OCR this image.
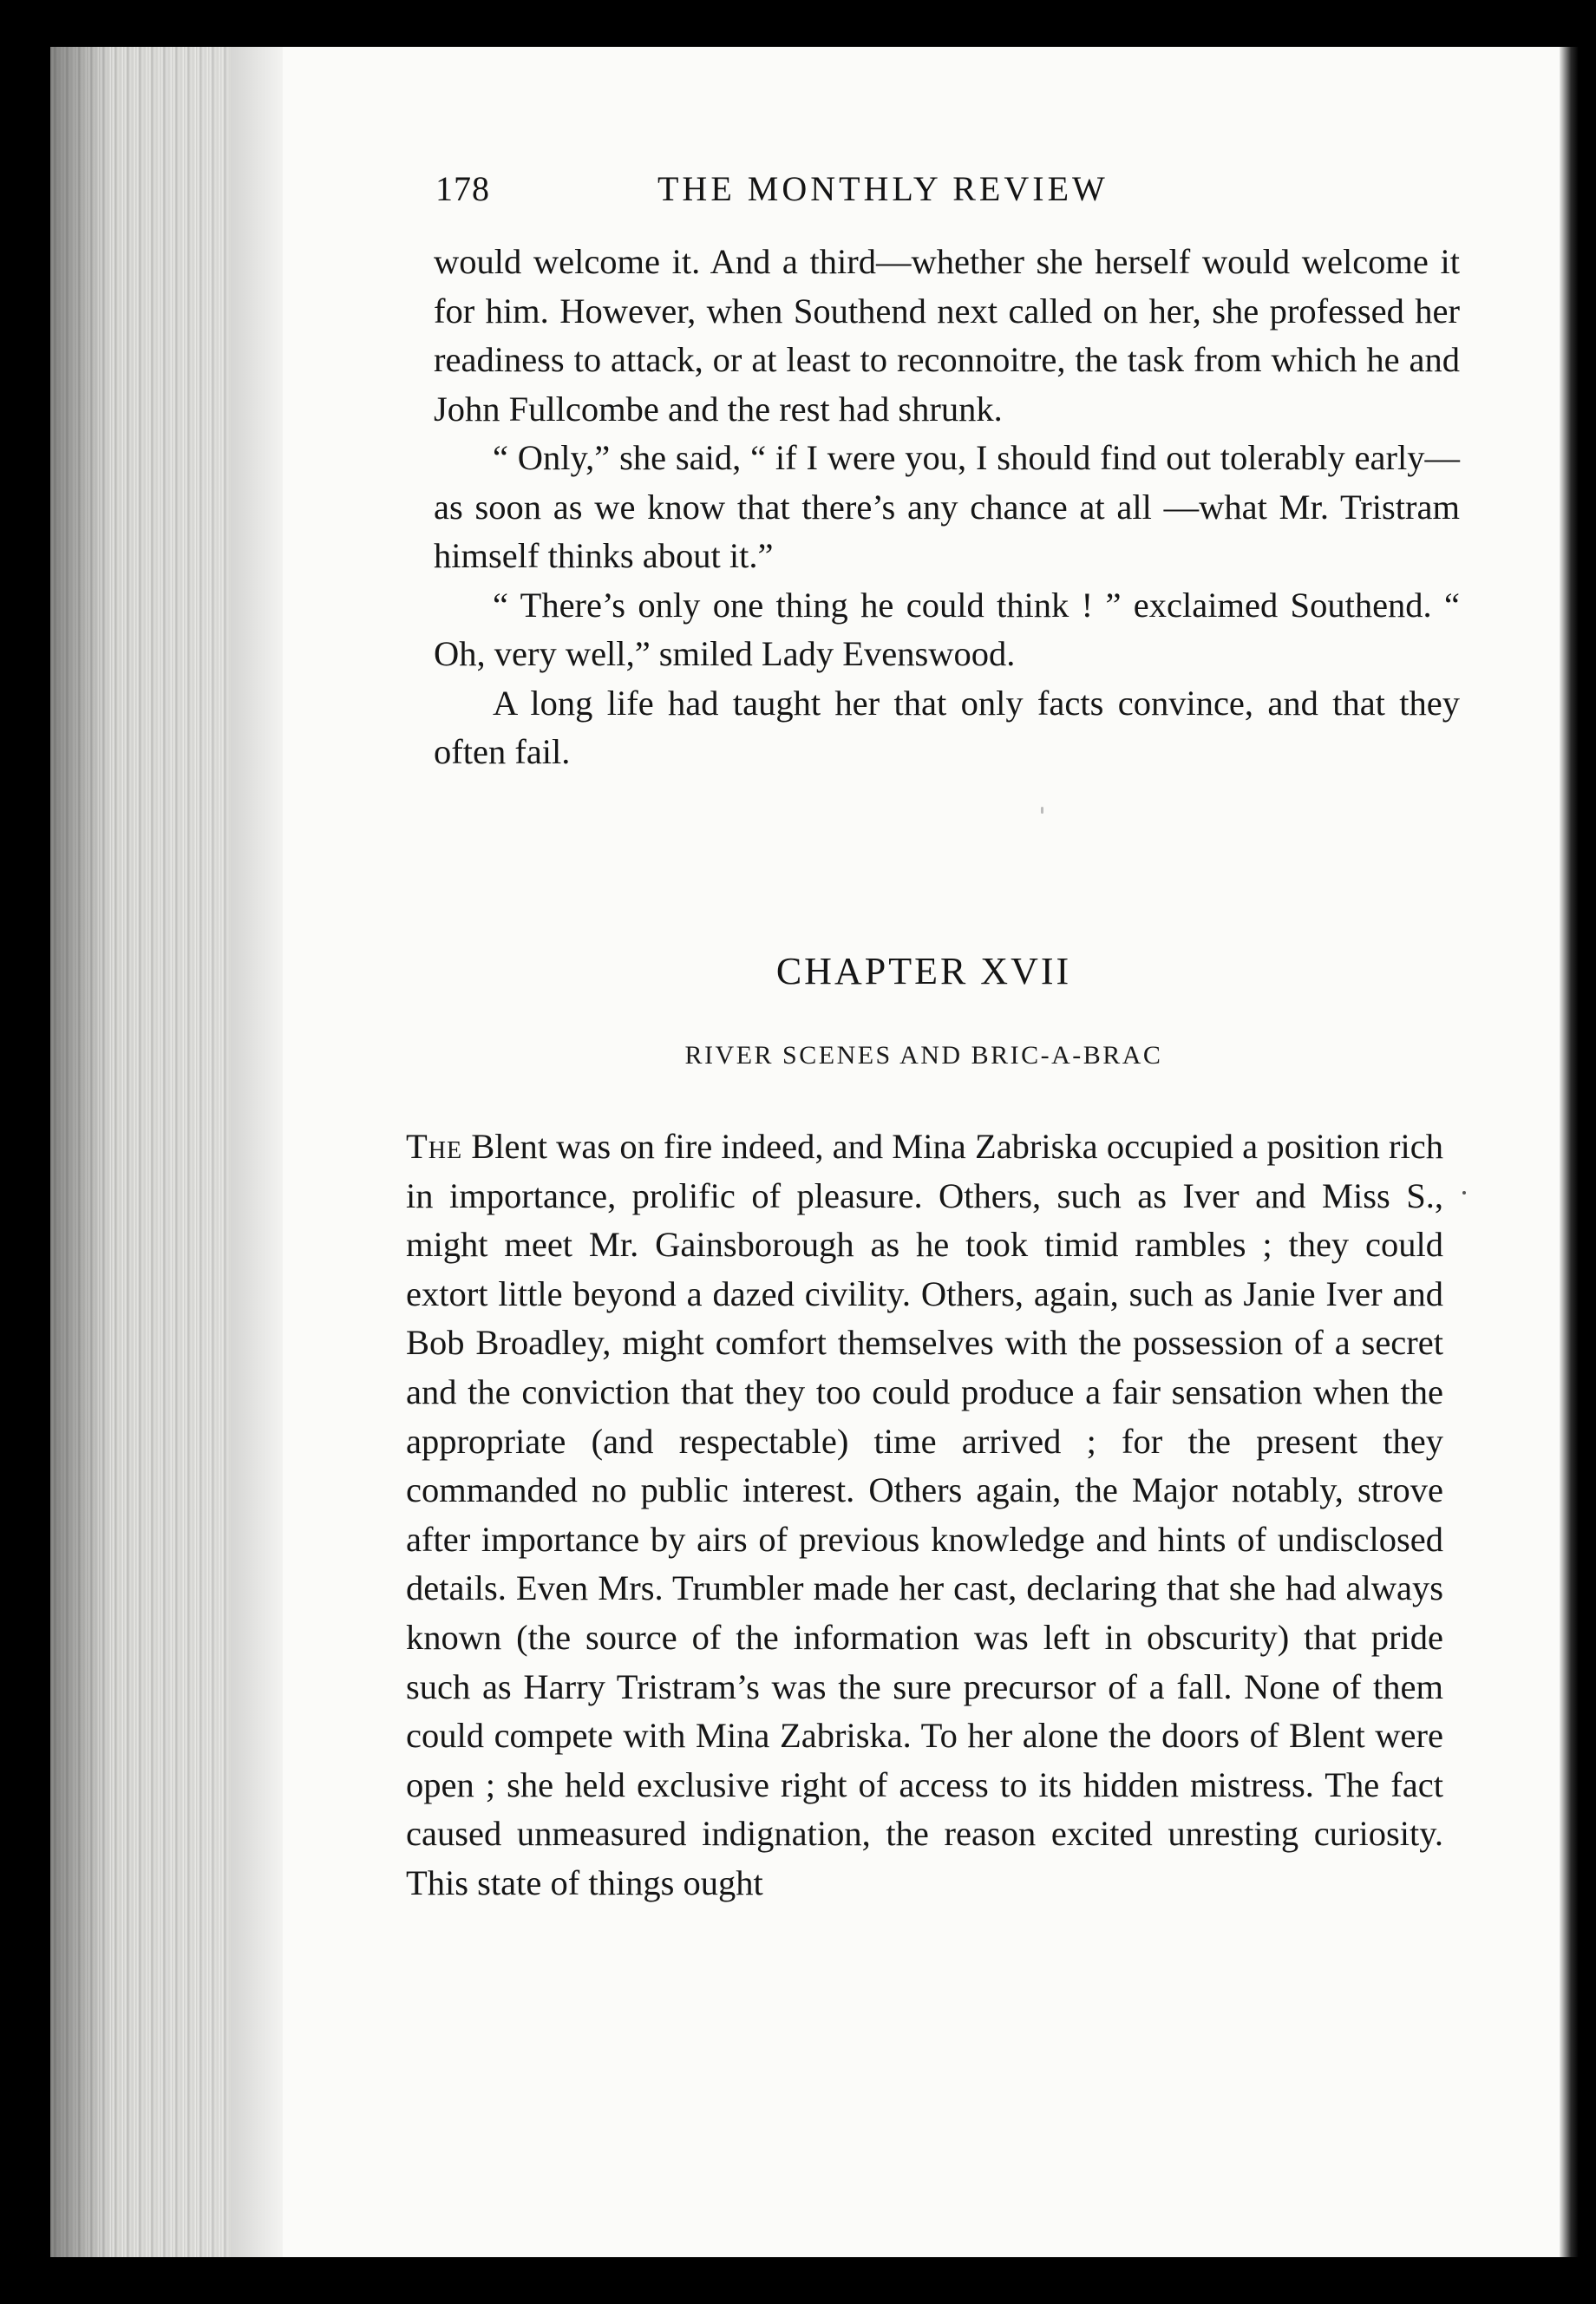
178	THE MONTHLY REVIEW

would welcome it. And a third—whether she herself would welcome it for him. However, when Southend next called on her, she professed her readiness to attack, or at least to reconnoitre, the task from which he and John Fullcombe and the rest had shrunk.

“ Only,” she said, “ if I were you, I should find out tolerably early—as soon as we know that there’s any chance at all —what Mr. Tristram himself thinks about it.”

“ There’s only one thing he could think ! ” exclaimed Southend. “ Oh, very well,” smiled Lady Evenswood.

A long life had taught her that only facts convince, and that they often fail.

CHAPTER XVII
RIVER SCENES AND BRIC-A-BRAC

The Blent was on fire indeed, and Mina Zabriska occupied a position rich in importance, prolific of pleasure. Others, such as Iver and Miss S., might meet Mr. Gainsborough as he took timid rambles ; they could extort little beyond a dazed civility. Others, again, such as Janie Iver and Bob Broadley, might comfort themselves with the possession of a secret and the conviction that they too could produce a fair sensation when the appropriate (and respectable) time arrived ; for the present they commanded no public interest. Others again, the Major notably, strove after importance by airs of previous knowledge and hints of undisclosed details. Even Mrs. Trumbler made her cast, declaring that she had always known (the source of the information was left in obscurity) that pride such as Harry Tristram’s was the sure precursor of a fall. None of them could compete with Mina Zabriska. To her alone the doors of Blent were open ; she held exclusive right of access to its hidden mistress. The fact caused unmeasured indignation, the reason excited unresting curiosity. This state of things ought
